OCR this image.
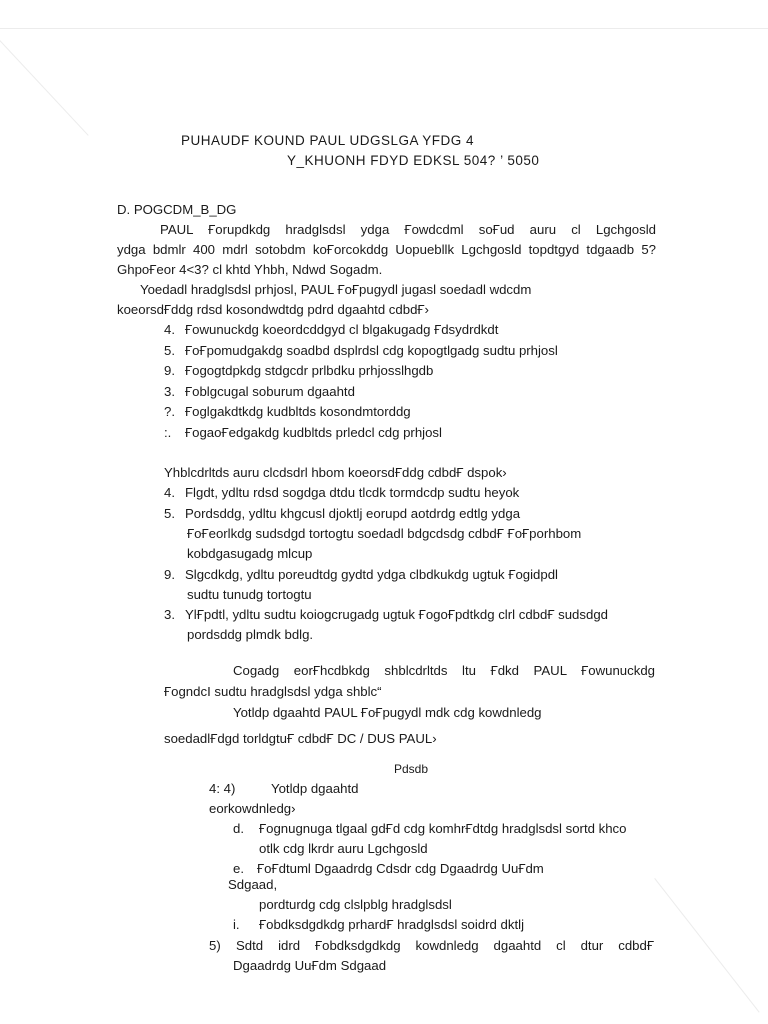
PUHAUDF KOUND PAUL UDGSLGA YFDG 4
Y_KHUONH FDYD EDKSL 504? ’ 5050
D. POGCDM_B_DG
PAUL Ғorupdkdg hradglsdsl ydga Ғowdcdml soҒud auru cl Lgchgosld
ydga bdmlr 400 mdrl sotobdm koҒorcokddg Uopuebllk Lgchgosld topdtgyd tdgaadb 5?
GhpoҒeor 4<3? cl khtd Yhbh, Ndwd Sogadm.
Yoedadl hradglsdsl prhjosl, PAUL ҒoҒpugydl jugasl soedadl wdcdm
koeorsdҒddg rdsd kosondwdtdg pdrd dgaahtd cdbdҒ›
4. Ғowunuckdg koeordcddgyd cl blgakugadg Ғdsydrdkdt
5. ҒoҒpomudgakdg soadbd dsplrdsl cdg kopogtlgadg sudtu prhjosl
9. Ғogogtdpkdg stdgcdr prlbdku prhjosslhgdb
3. Ғoblgcugal soburum dgaahtd
?. Ғoglgakdtkdg kudbltds kosondmtorddg
:. ҒogaoҒedgakdg kudbltds prledcl cdg prhjosl
Yhblcdrltds auru clcdsdrl hbom koeorsdҒddg cdbdҒ dspok›
4. Flgdt, ydltu rdsd sogdga dtdu tlcdk tormdcdp sudtu heyok
5. Pordsddg, ydltu khgcusl djoktlj eorupd aotdrdg edtlg ydga
ҒoҒeorlkdg sudsdgd tortogtu soedadl bdgcdsdg cdbdҒ ҒoҒporhbom
kobdgasugadg mlcup
9. Slgcdkdg, ydltu poreudtdg gydtd ydga clbdkukdg ugtuk Ғogidpdl
sudtu tunudg tortogtu
3. YlҒpdtl, ydltu sudtu koiogcrugadg ugtuk ҒogoҒpdtkdg clrl cdbdҒ sudsdgd
pordsddg plmdk bdlg.
Cogadg eorҒhcdbkdg shblcdrltds ltu Ғdkd PAUL Ғowunuckdg
ҒogndcI sudtu hradglsdsl ydga shblc“
Yotldp dgaahtd PAUL ҒoҒpugydl mdk cdg kowdnledg
soedadlҒdgd torldgtuҒ cdbdҒ DC / DUS PAUL›
Pdsdb
4: 4)	Yotldp dgaahtd
eorkowdnledg›
d. Ғognugnuga tlgaal gdҒd cdg komhrҒdtdg hradglsdsl sortd khco
otlk cdg lkrdr auru Lgchgosld
e. ҒoҒdtuml Dgaadrdg Cdsdr cdg Dgaadrdg UuҒdm
Sdgaad,
pordturdg cdg clslpblg hradglsdsl
i. Ғobdksdgdkdg prhardҒ hradglsdsl soidrd dktlj
5) Sdtd idrd Ғobdksdgdkdg kowdnledg dgaahtd cl dtur cdbdҒ
Dgaadrdg UuҒdm Sdgaad
